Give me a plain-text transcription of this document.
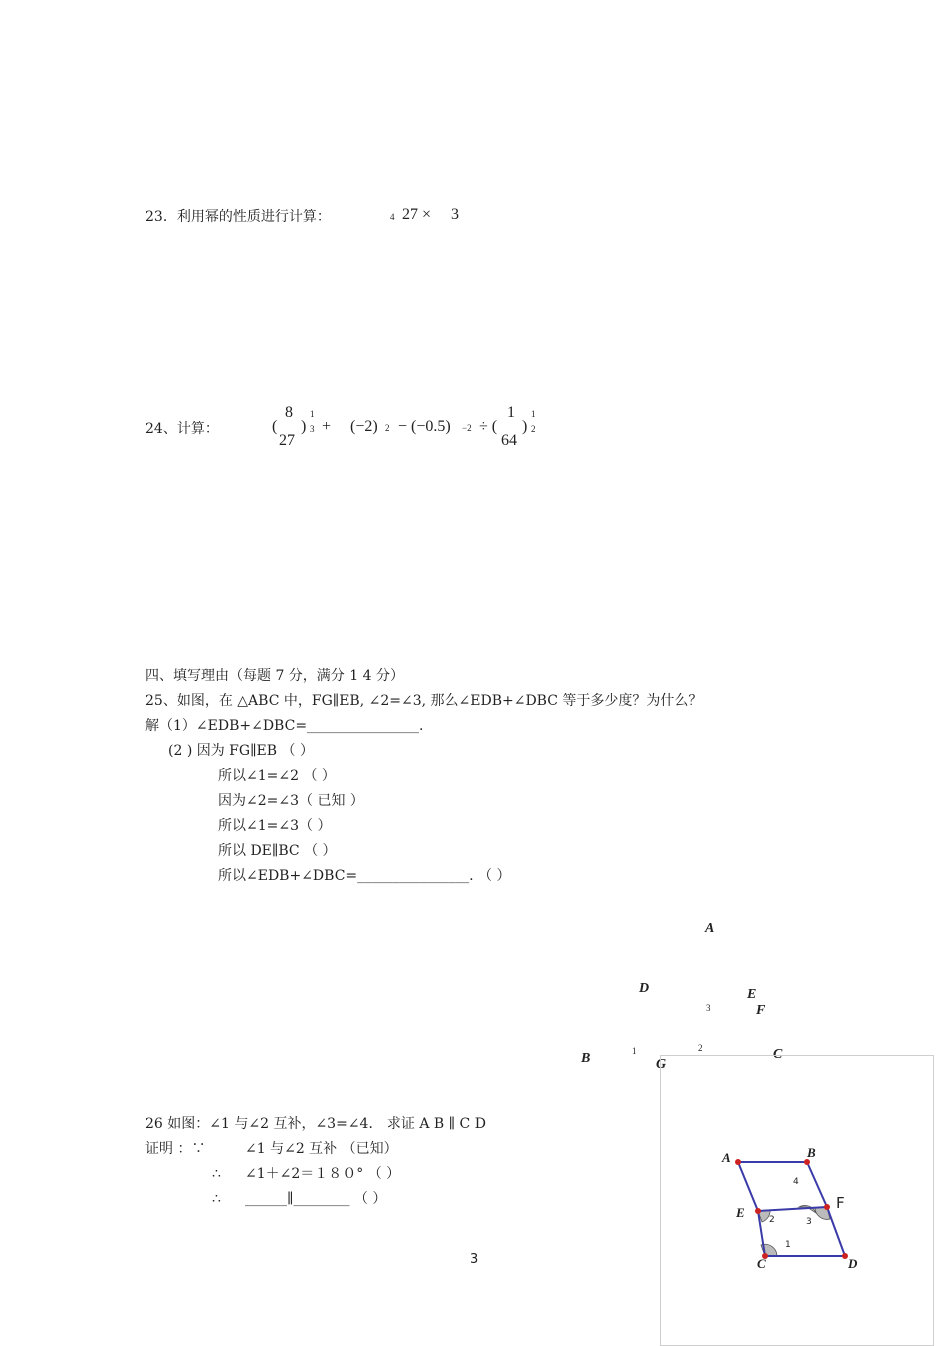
23．利用幂的性质进行计算：	4 27 × 3
24、计算：	(
8
27
)
1
3 + (−2) 2 − (−0.5) −2 ÷ (
1
64
)
1
2
四、填写理由（每题 7 分，满分 1 4 分）
25、如图，在 △ABC 中，FG∥EB, ∠2=∠3, 那么∠EDB+∠DBC 等于多少度？为什么？
解（1）∠EDB+∠DBC=________________.
(2 ) 因为 FG∥EB （ ）
所以∠1=∠2 （ ）
因为∠2=∠3（ 已知 ）
所以∠1=∠3（ ）
所以 DE∥BC （ ）
所以∠EDB+∠DBC=________________. （ ）
A
D	E
3	F
B	1	2
G
C
26 如图：∠1 与∠2 互补，∠3=∠4． 求证 A B ∥ C D
证明 ：∵	∠1 与∠2 互补 （已知）
∴ ∠1＋∠2＝１８０° （ ）
∴ ______∥________ （ ）
A	B
4
E	2	3
F
1
C	D
3
